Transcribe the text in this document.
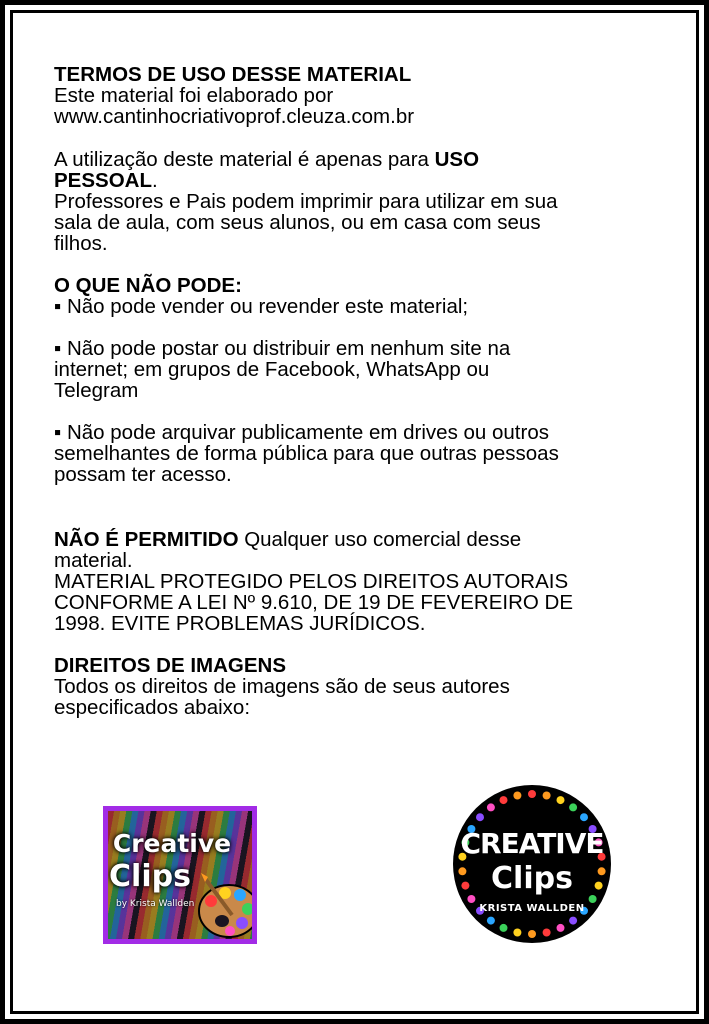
TERMOS DE USO DESSE MATERIAL

Este material foi elaborado por
www.cantinhocriativoprof.cleuza.com.br

A utilização deste material é apenas para USO
PESSOAL.

Professores e Pais podem imprimir para utilizar em sua
sala de aula, com seus alunos, ou em casa com seus
filhos.

O QUE NÃO PODE:

▪ Não pode vender ou revender este material;
▪ Não pode postar ou distribuir em nenhum site na
internet; em grupos de Facebook, WhatsApp ou
Telegram
▪ Não pode arquivar publicamente em drives ou outros
semelhantes de forma pública para que outras pessoas
possam ter acesso.

NÃO É PERMITIDO Qualquer uso comercial desse

material.
MATERIAL PROTEGIDO PELOS DIREITOS AUTORAIS
CONFORME A LEI Nº 9.610, DE 19 DE FEVEREIRO DE
1998. EVITE PROBLEMAS JURÍDICOS.

DIREITOS DE IMAGENS

Todos os direitos de imagens são de seus autores
especificados abaixo:
Creative
Clips
by Krista Wallden
CREATIVE
Clips
KRISTA WALLDEN
